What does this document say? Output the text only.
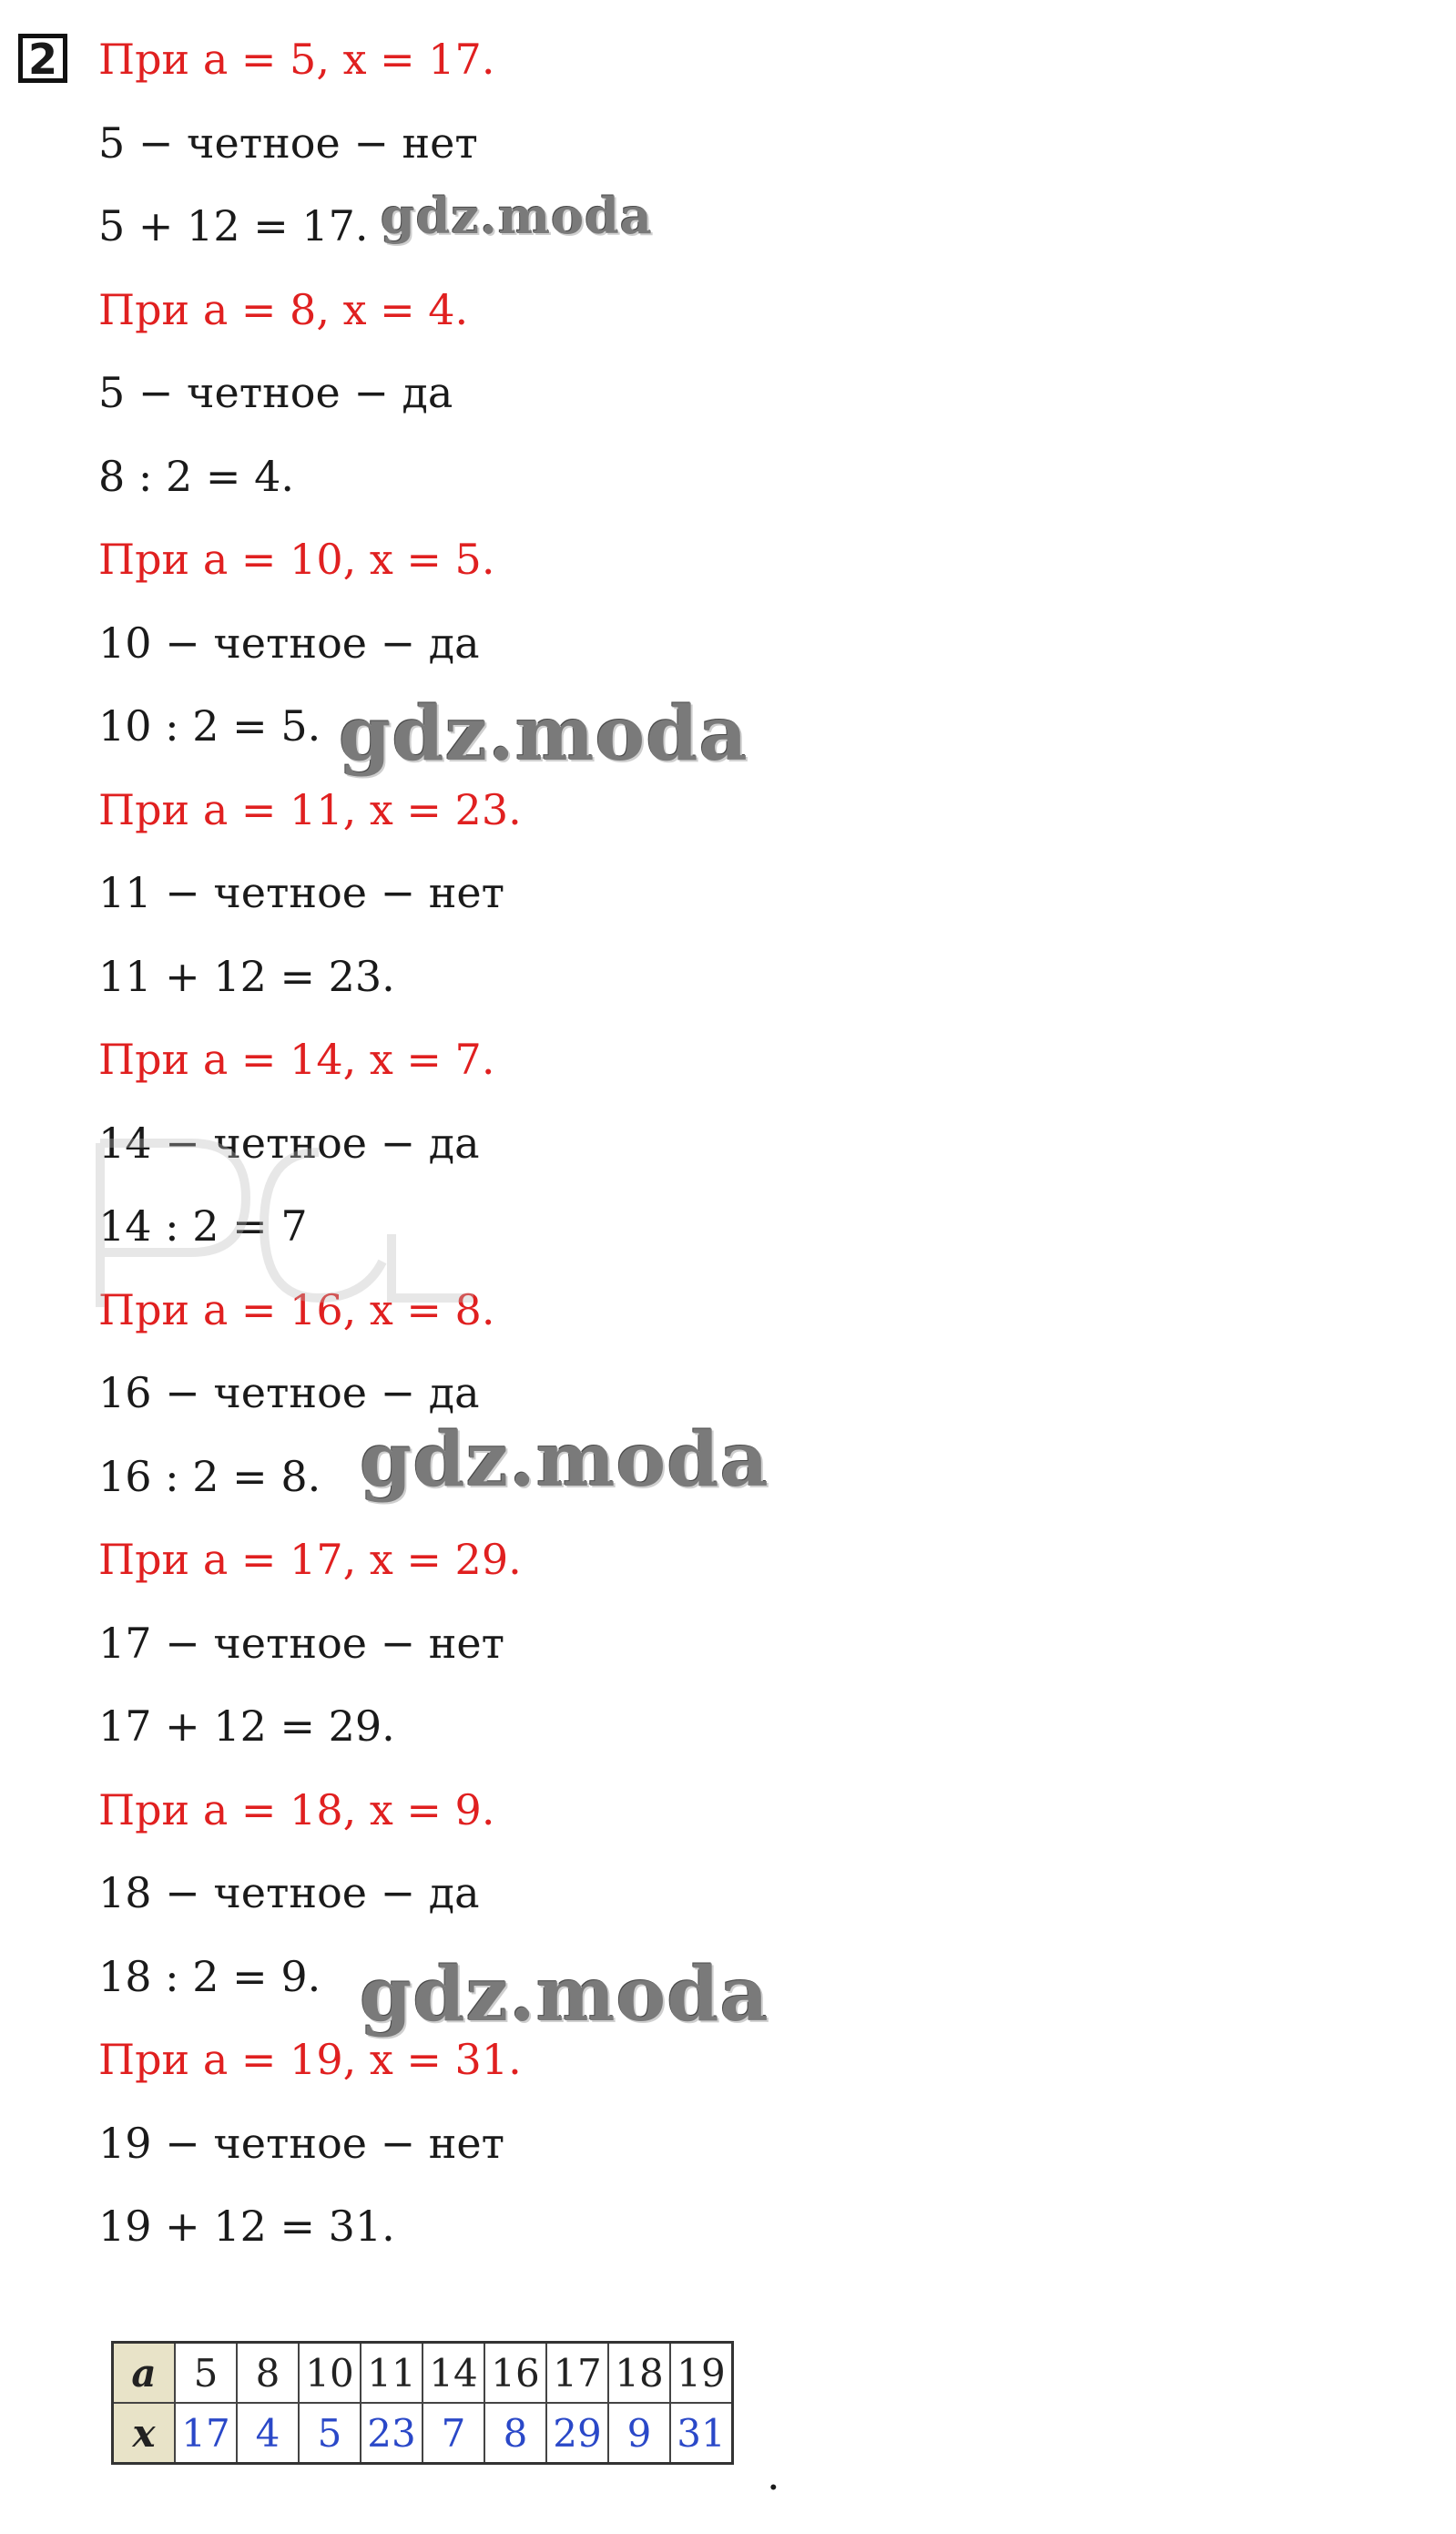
2 При a = 5, x = 17.
5 − четное − нет
5 + 12 = 17.
При a = 8, x = 4.
5 − четное − да
8 : 2 = 4.
При a = 10, x = 5.
10 − четное − да
10 : 2 = 5.
При a = 11, x = 23.
11 − четное − нет
11 + 12 = 23.
При a = 14, x = 7.
14 − четное − да
14 : 2 = 7
При a = 16, x = 8.
16 − четное − да
16 : 2 = 8.
При a = 17, x = 29.
17 − четное − нет
17 + 12 = 29.
При a = 18, x = 9.
18 − четное − да
18 : 2 = 9.
При a = 19, x = 31.
19 − четное − нет
19 + 12 = 31.
gdz.moda
gdz.moda
gdz.moda
gdz.moda
a	5	8	10	11	14	16	17	18	19
x	17	4	5	23	7	8	29	9	31
.
